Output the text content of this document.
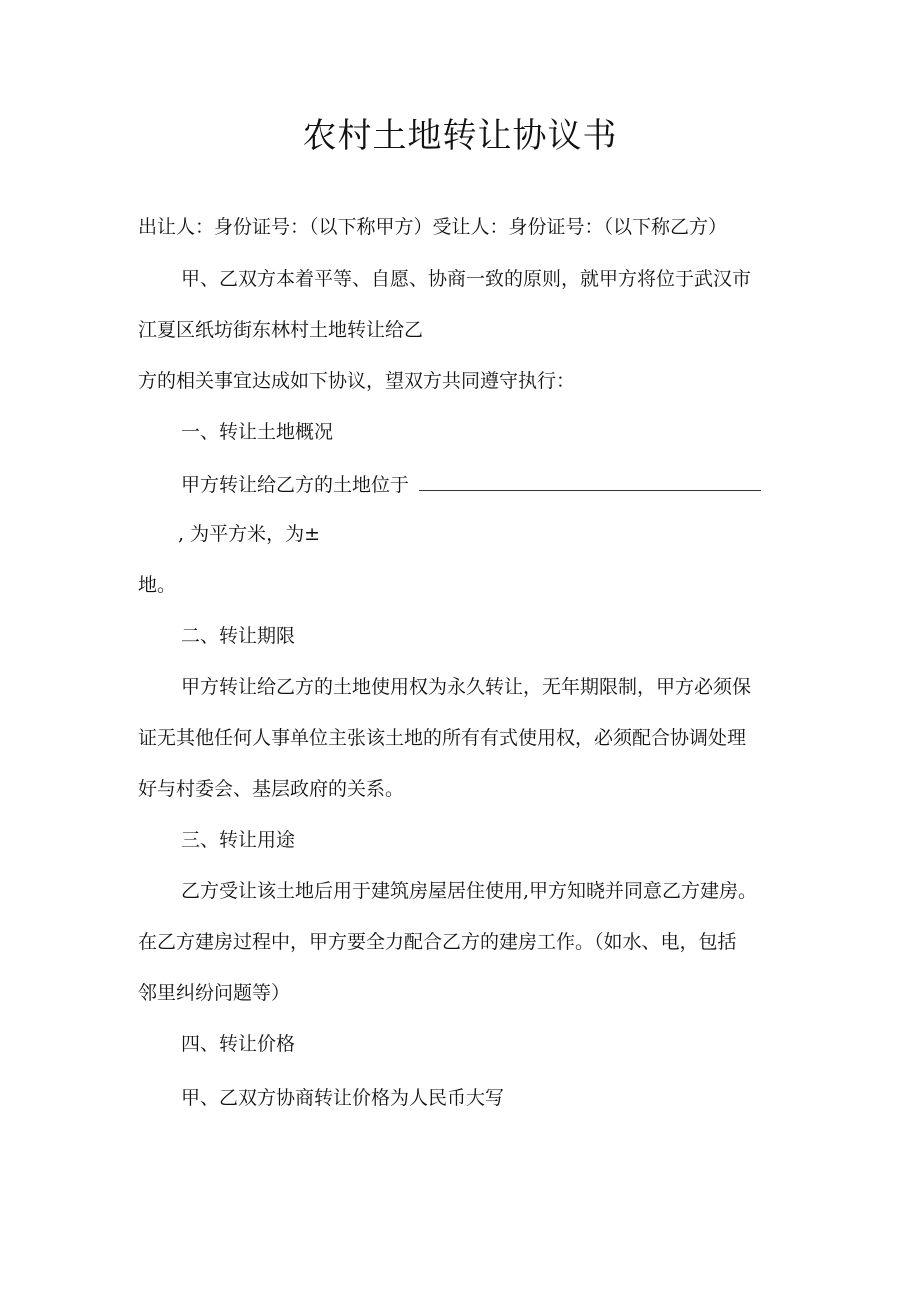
农村土地转让协议书

出让人：身份证号：（以下称甲方）受让人：身份证号：（以下称乙方）

甲、乙双方本着平等、自愿、协商一致的原则，就甲方将位于武汉市

江夏区纸坊街东林村土地转让给乙

方的相关事宜达成如下协议，望双方共同遵守执行：

一、转让土地概况

甲方转让给乙方的土地位于

, 为平方米，为±

地。

二、转让期限

甲方转让给乙方的土地使用权为永久转让，无年期限制，甲方必须保

证无其他任何人事单位主张该土地的所有有式使用权，必须配合协调处理

好与村委会、基层政府的关系。

三、转让用途

乙方受让该土地后用于建筑房屋居住使用,甲方知晓并同意乙方建房。

在乙方建房过程中，甲方要全力配合乙方的建房工作。（如水、电，包括

邻里纠纷问题等）

四、转让价格

甲、乙双方协商转让价格为人民币大写
